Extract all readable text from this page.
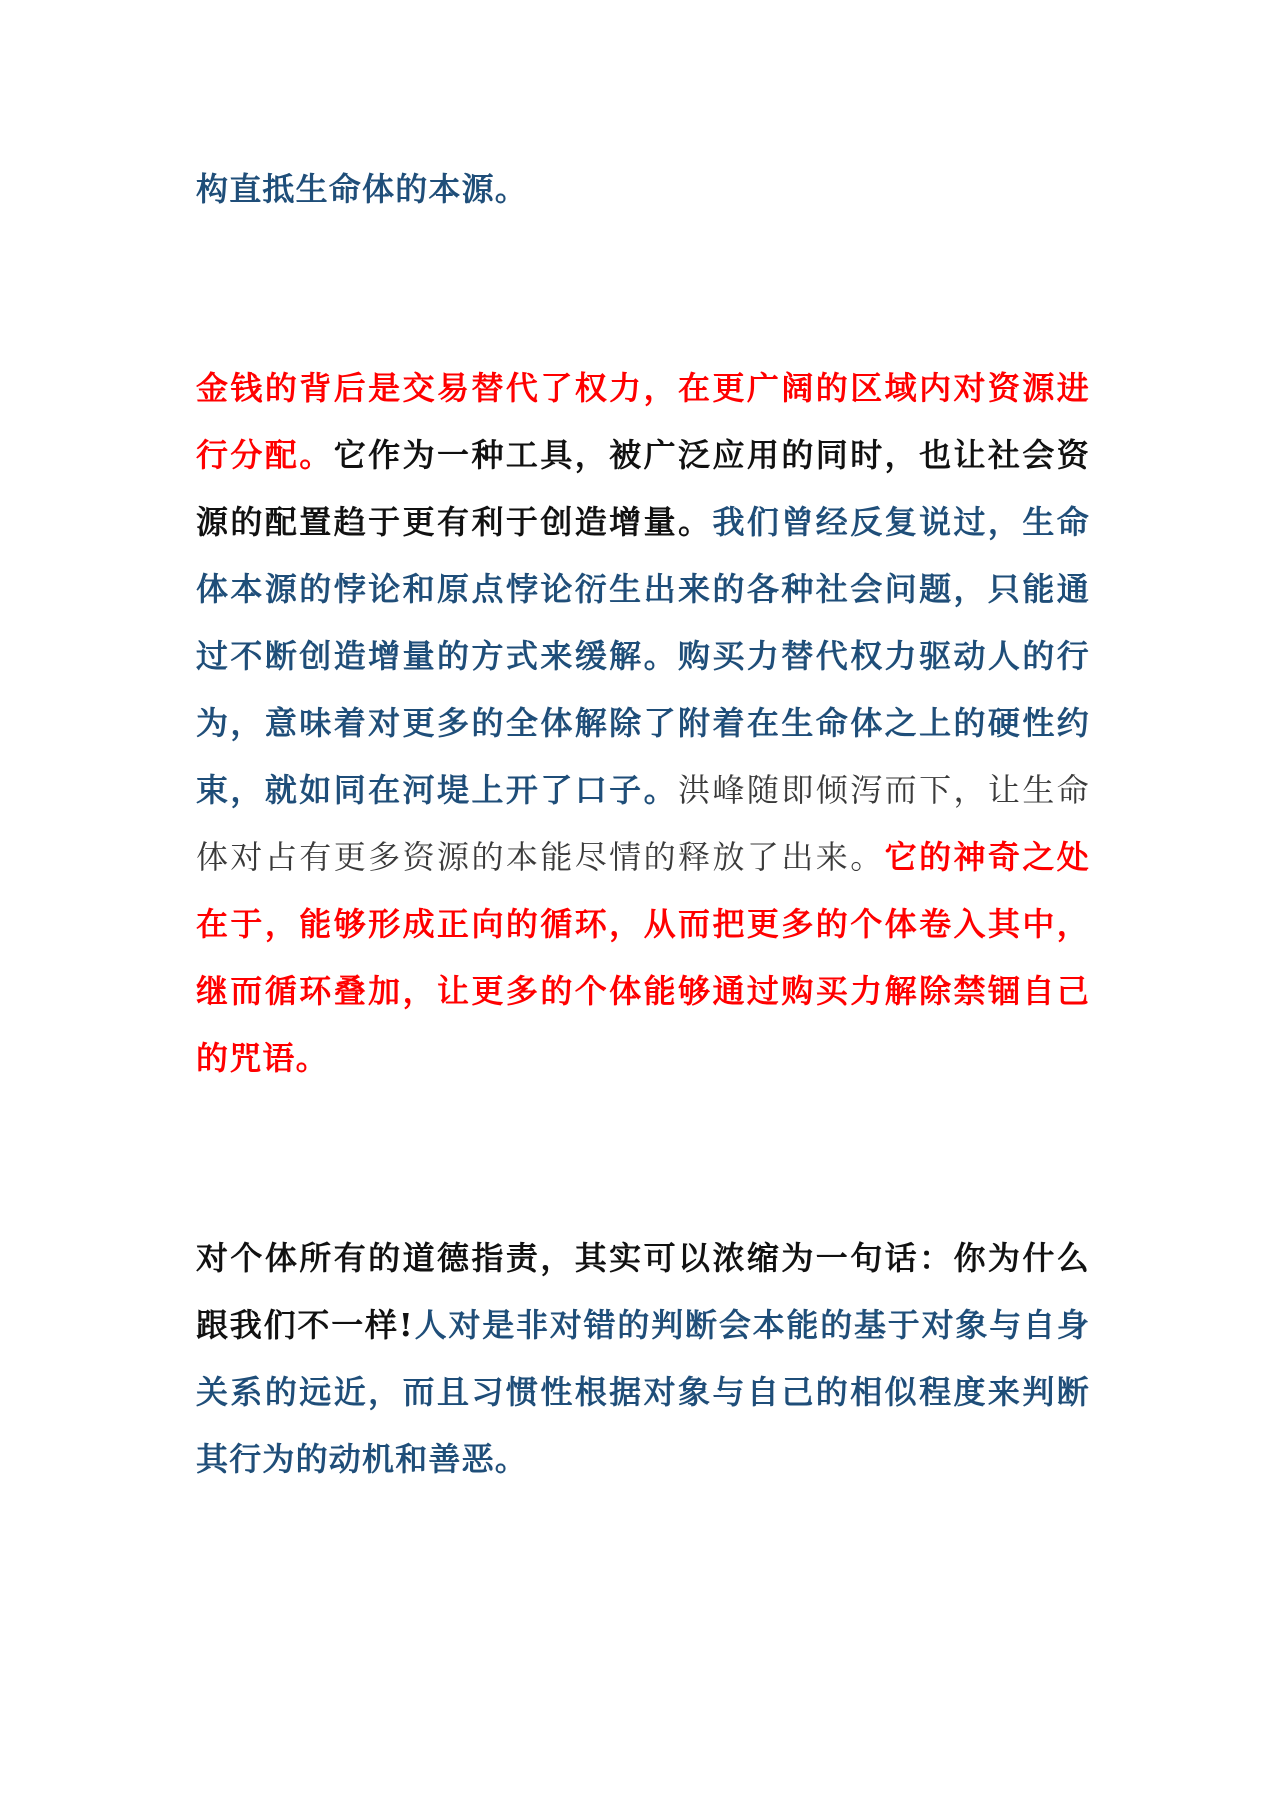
构直抵生命体的本源。

金钱的背后是交易替代了权力，在更广阔的区域内对资源进行分配。它作为一种工具，被广泛应用的同时，也让社会资源的配置趋于更有利于创造增量。我们曾经反复说过，生命体本源的悖论和原点悖论衍生出来的各种社会问题，只能通过不断创造增量的方式来缓解。购买力替代权力驱动人的行为，意味着对更多的全体解除了附着在生命体之上的硬性约束，就如同在河堤上开了口子。洪峰随即倾泻而下，让生命体对占有更多资源的本能尽情的释放了出来。它的神奇之处在于，能够形成正向的循环，从而把更多的个体卷入其中，继而循环叠加，让更多的个体能够通过购买力解除禁锢自己的咒语。

对个体所有的道德指责，其实可以浓缩为一句话：你为什么跟我们不一样!人对是非对错的判断会本能的基于对象与自身关系的远近，而且习惯性根据对象与自己的相似程度来判断其行为的动机和善恶。
